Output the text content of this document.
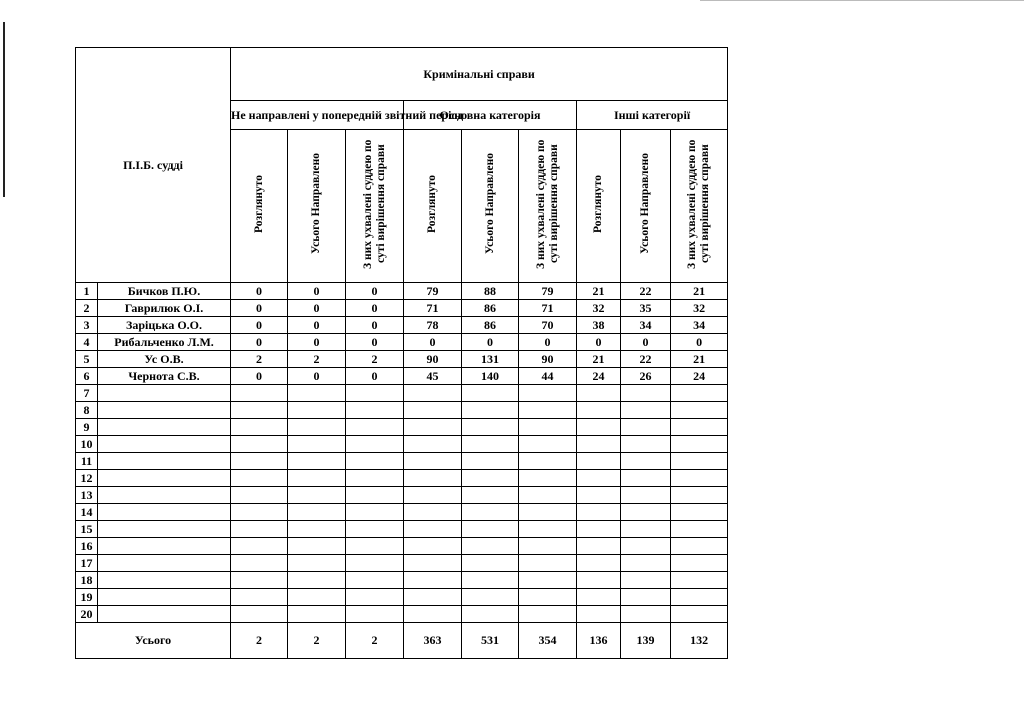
П.І.Б. судді		Кримінальні справи								
		Не направлені у попередній звітний період			Основна категорія			Інші категорії		
		Розглянуто	Усього Направлено	З них ухвалені суддею по суті вирішення справи	Розглянуто	Усього Направлено	З них ухвалені суддею по суті вирішення справи	Розглянуто	Усього Направлено	З них ухвалені суддею по суті вирішення справи
1	Бичков П.Ю.	0	0	0	79	88	79	21	22	21
2	Гаврилюк О.І.	0	0	0	71	86	71	32	35	32
3	Заріцька О.О.	0	0	0	78	86	70	38	34	34
4	Рибальченко Л.М.	0	0	0	0	0	0	0	0	0
5	Ус О.В.	2	2	2	90	131	90	21	22	21
6	Чернота С.В.	0	0	0	45	140	44	24	26	24
7										
8										
9										
10										
11										
12										
13										
14										
15										
16										
17										
18										
19										
20										
Усього		2	2	2	363	531	354	136	139	132
